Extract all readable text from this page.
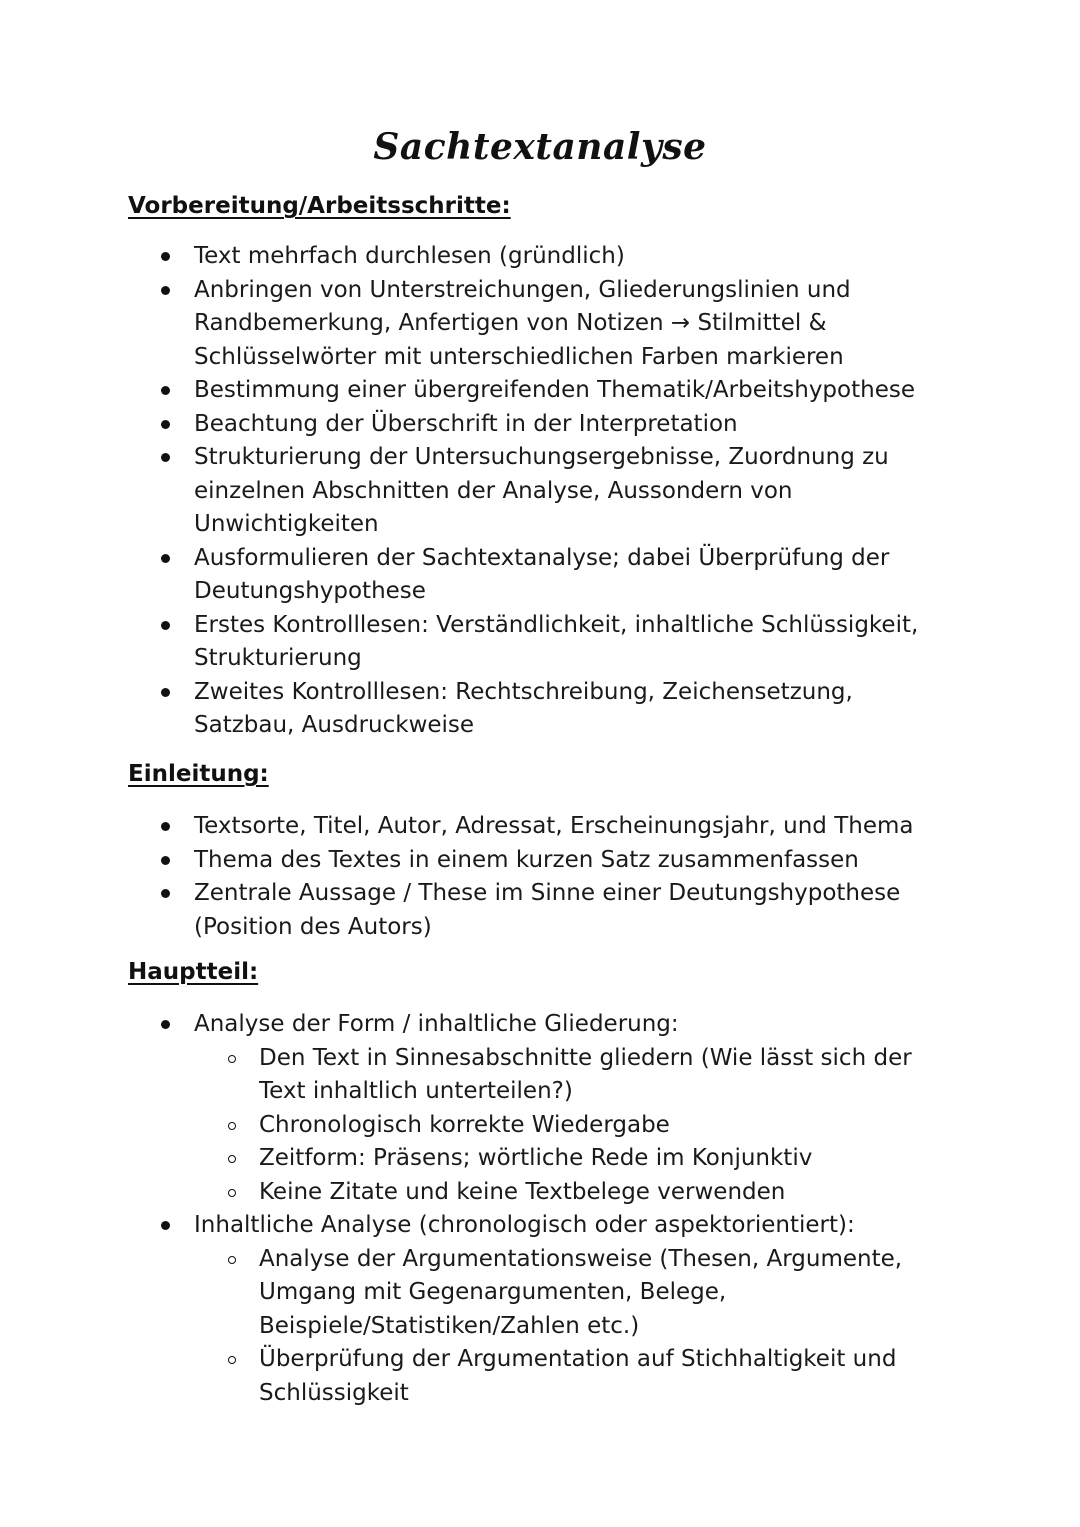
Sachtextanalyse
Vorbereitung/Arbeitsschritte:
Text mehrfach durchlesen (gründlich)
Anbringen von Unterstreichungen, Gliederungslinien und Randbemerkung, Anfertigen von Notizen → Stilmittel & Schlüsselwörter mit unterschiedlichen Farben markieren
Bestimmung einer übergreifenden Thematik/Arbeitshypothese
Beachtung der Überschrift in der Interpretation
Strukturierung der Untersuchungsergebnisse, Zuordnung zu einzelnen Abschnitten der Analyse, Aussondern von Unwichtigkeiten
Ausformulieren der Sachtextanalyse; dabei Überprüfung der Deutungshypothese
Erstes Kontrolllesen: Verständlichkeit, inhaltliche Schlüssigkeit, Strukturierung
Zweites Kontrolllesen: Rechtschreibung, Zeichensetzung, Satzbau, Ausdruckweise
Einleitung:
Textsorte, Titel, Autor, Adressat, Erscheinungsjahr, und Thema
Thema des Textes in einem kurzen Satz zusammenfassen
Zentrale Aussage / These im Sinne einer Deutungshypothese (Position des Autors)
Hauptteil:
Analyse der Form / inhaltliche Gliederung:
Den Text in Sinnesabschnitte gliedern (Wie lässt sich der Text inhaltlich unterteilen?)
Chronologisch korrekte Wiedergabe
Zeitform: Präsens; wörtliche Rede im Konjunktiv
Keine Zitate und keine Textbelege verwenden
Inhaltliche Analyse (chronologisch oder aspektorientiert):
Analyse der Argumentationsweise (Thesen, Argumente, Umgang mit Gegenargumenten, Belege, Beispiele/Statistiken/Zahlen etc.)
Überprüfung der Argumentation auf Stichhaltigkeit und Schlüssigkeit
